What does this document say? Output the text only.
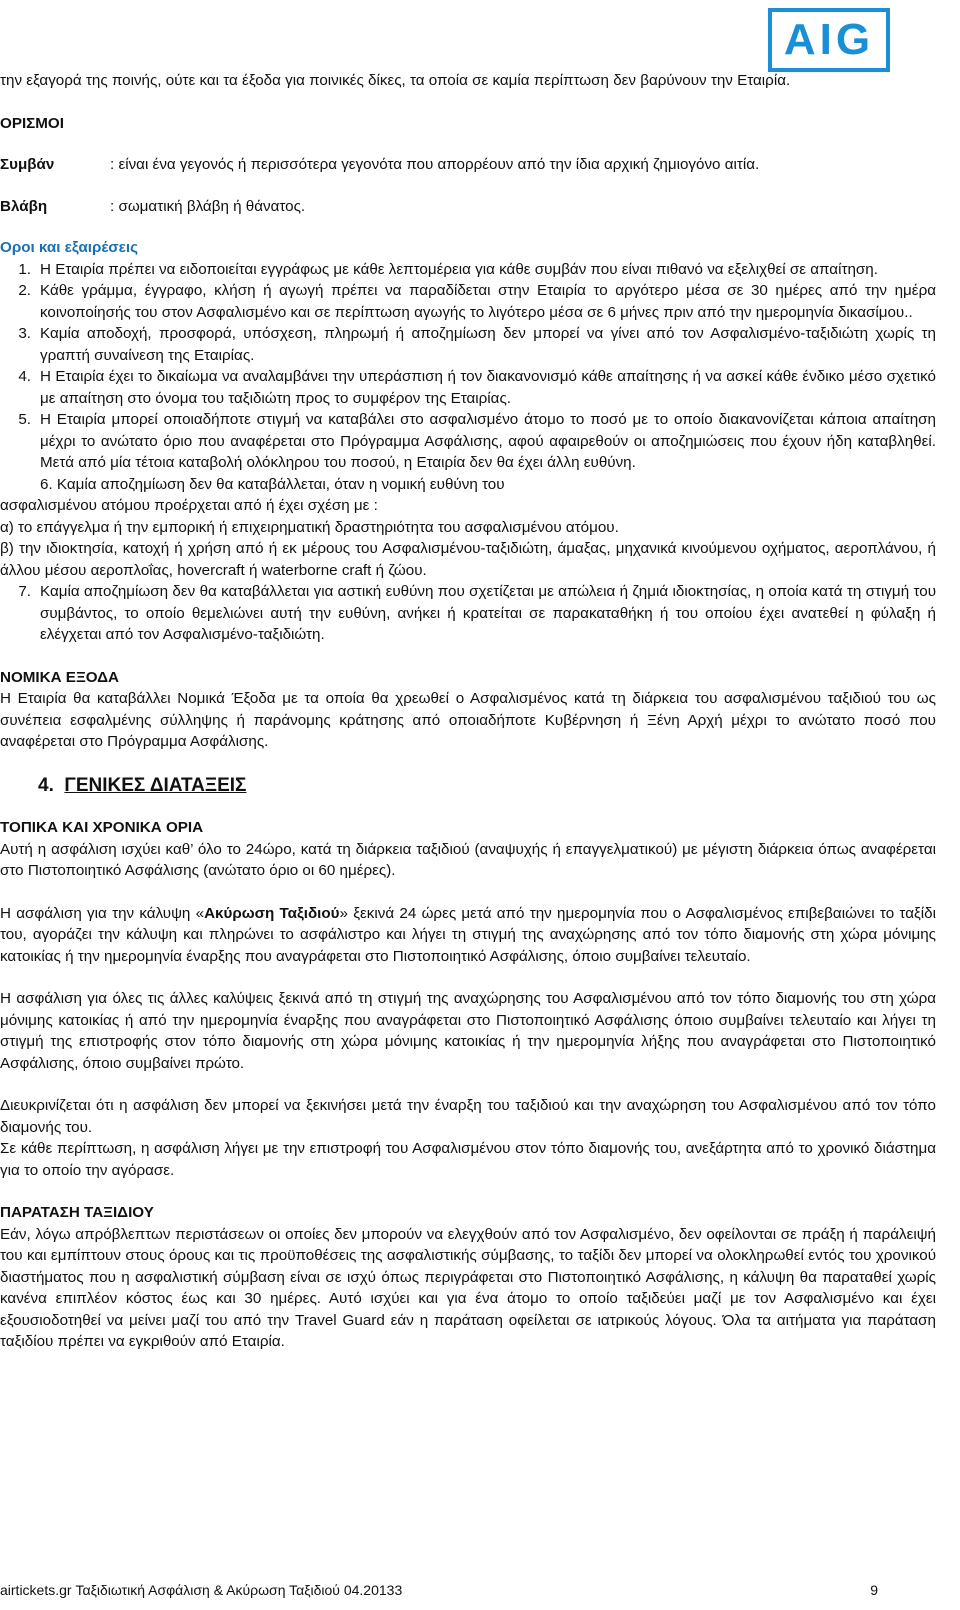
AIG

την εξαγορά της ποινής, ούτε και τα έξοδα για ποινικές δίκες, τα οποία σε καμία περίπτωση δεν βαρύνουν την Εταιρία.

ΟΡΙΣΜΟΙ

Συμβάν	: είναι ένα γεγονός ή περισσότερα γεγονότα που απορρέουν από την ίδια αρχική ζημιογόνο αιτία.
Βλάβη	: σωματική βλάβη ή θάνατος.

Οροι και εξαιρέσεις

1. Η Εταιρία πρέπει να ειδοποιείται εγγράφως με κάθε λεπτομέρεια για κάθε συμβάν που είναι πιθανό να εξελιχθεί σε απαίτηση.
2. Κάθε γράμμα, έγγραφο, κλήση ή αγωγή πρέπει να παραδίδεται στην Εταιρία το αργότερο μέσα σε 30 ημέρες από την ημέρα κοινοποίησής του στον Ασφαλισμένο και σε περίπτωση αγωγής το λιγότερο μέσα σε 6 μήνες πριν από την ημερομηνία δικασίμου..
3. Καμία αποδοχή, προσφορά, υπόσχεση, πληρωμή ή αποζημίωση δεν μπορεί να γίνει από τον Ασφαλισμένο-ταξιδιώτη χωρίς τη γραπτή συναίνεση της Εταιρίας.
4. Η Εταιρία έχει το δικαίωμα να αναλαμβάνει την υπεράσπιση ή τον διακανονισμό κάθε απαίτησης ή να ασκεί κάθε ένδικο μέσο σχετικό με απαίτηση στο όνομα του ταξιδιώτη προς το συμφέρον της Εταιρίας.
5. Η Εταιρία μπορεί οποιαδήποτε στιγμή να καταβάλει στο ασφαλισμένο άτομο το ποσό με το οποίο διακανονίζεται κάποια απαίτηση μέχρι το ανώτατο όριο που αναφέρεται στο Πρόγραμμα Ασφάλισης, αφού αφαιρεθούν οι αποζημιώσεις που έχουν ήδη καταβληθεί. Μετά από μία τέτοια καταβολή ολόκληρου του ποσού, η Εταιρία δεν θα έχει άλλη ευθύνη.

6. Καμία αποζημίωση δεν θα καταβάλλεται, όταν η νομική ευθύνη του

ασφαλισμένου ατόμου προέρχεται από ή έχει σχέση με :

α) το επάγγελμα ή την εμπορική ή επιχειρηματική δραστηριότητα του ασφαλισμένου ατόμου.

β) την ιδιοκτησία, κατοχή ή χρήση από ή εκ μέρους του Ασφαλισμένου-ταξιδιώτη, άμαξας, μηχανικά κινούμενου οχήματος, αεροπλάνου, ή άλλου μέσου αεροπλοΐας, hovercraft ή waterborne craft ή ζώου.

7. Καμία αποζημίωση δεν θα καταβάλλεται για αστική ευθύνη που σχετίζεται με απώλεια ή ζημιά ιδιοκτησίας, η οποία κατά τη στιγμή του συμβάντος, το οποίο θεμελιώνει αυτή την ευθύνη, ανήκει ή κρατείται σε παρακαταθήκη ή του οποίου έχει ανατεθεί η φύλαξη ή ελέγχεται από τον Ασφαλισμένο-ταξιδιώτη.

ΝΟΜΙΚΑ ΕΞΟΔΑ

Η Εταιρία θα καταβάλλει Νομικά Έξοδα με τα οποία θα χρεωθεί ο Ασφαλισμένος κατά τη διάρκεια του ασφαλισμένου ταξιδιού του ως συνέπεια εσφαλμένης σύλληψης ή παράνομης κράτησης από οποιαδήποτε Κυβέρνηση ή Ξένη Αρχή μέχρι το ανώτατο ποσό που αναφέρεται στο Πρόγραμμα Ασφάλισης.

4. ΓΕΝΙΚΕΣ ΔΙΑΤΑΞΕΙΣ

ΤΟΠΙΚΑ ΚΑΙ ΧΡΟΝΙΚΑ ΟΡΙΑ

Αυτή η ασφάλιση ισχύει καθ’ όλο το 24ώρο, κατά τη διάρκεια ταξιδιού (αναψυχής ή επαγγελματικού) με μέγιστη διάρκεια όπως αναφέρεται στο Πιστοποιητικό Ασφάλισης (ανώτατο όριο οι 60 ημέρες).

Η ασφάλιση για την κάλυψη «Ακύρωση Ταξιδιού» ξεκινά 24 ώρες μετά από την ημερομηνία που ο Ασφαλισμένος επιβεβαιώνει το ταξίδι του, αγοράζει την κάλυψη και πληρώνει το ασφάλιστρο και λήγει τη στιγμή της αναχώρησης από τον τόπο διαμονής στη χώρα μόνιμης κατοικίας ή την ημερομηνία έναρξης που αναγράφεται στο Πιστοποιητικό Ασφάλισης, όποιο συμβαίνει τελευταίο.

Η ασφάλιση για όλες τις άλλες καλύψεις ξεκινά από τη στιγμή της αναχώρησης του Ασφαλισμένου από τον τόπο διαμονής του στη χώρα μόνιμης κατοικίας ή από την ημερομηνία έναρξης που αναγράφεται στο Πιστοποιητικό Ασφάλισης όποιο συμβαίνει τελευταίο και λήγει τη στιγμή της επιστροφής στον τόπο διαμονής στη χώρα μόνιμης κατοικίας ή την ημερομηνία λήξης που αναγράφεται στο Πιστοποιητικό Ασφάλισης, όποιο συμβαίνει πρώτο.

Διευκρινίζεται ότι η ασφάλιση δεν μπορεί να ξεκινήσει μετά την έναρξη του ταξιδιού και την αναχώρηση του Ασφαλισμένου από τον τόπο διαμονής του.

Σε κάθε περίπτωση, η ασφάλιση λήγει με την επιστροφή του Ασφαλισμένου στον τόπο διαμονής του, ανεξάρτητα από το χρονικό διάστημα για το οποίο την αγόρασε.

ΠΑΡΑΤΑΣΗ ΤΑΞΙΔΙΟΥ

Εάν, λόγω απρόβλεπτων περιστάσεων οι οποίες δεν μπορούν να ελεγχθούν από τον Ασφαλισμένο, δεν οφείλονται σε πράξη ή παράλειψή του και εμπίπτουν στους όρους και τις προϋποθέσεις της ασφαλιστικής σύμβασης, το ταξίδι δεν μπορεί να ολοκληρωθεί εντός του χρονικού διαστήματος που η ασφαλιστική σύμβαση είναι σε ισχύ όπως περιγράφεται στο Πιστοποιητικό Ασφάλισης, η κάλυψη θα παραταθεί χωρίς κανένα επιπλέον κόστος έως και 30 ημέρες. Αυτό ισχύει και για ένα άτομο το οποίο ταξιδεύει μαζί με τον Ασφαλισμένο και έχει εξουσιοδοτηθεί να μείνει μαζί του από την Travel Guard εάν η παράταση οφείλεται σε ιατρικούς λόγους. Όλα τα αιτήματα για παράταση ταξιδίου πρέπει να εγκριθούν από Εταιρία.

airtickets.gr Ταξιδιωτική Ασφάλιση & Ακύρωση Ταξιδιού 04.20133	9
